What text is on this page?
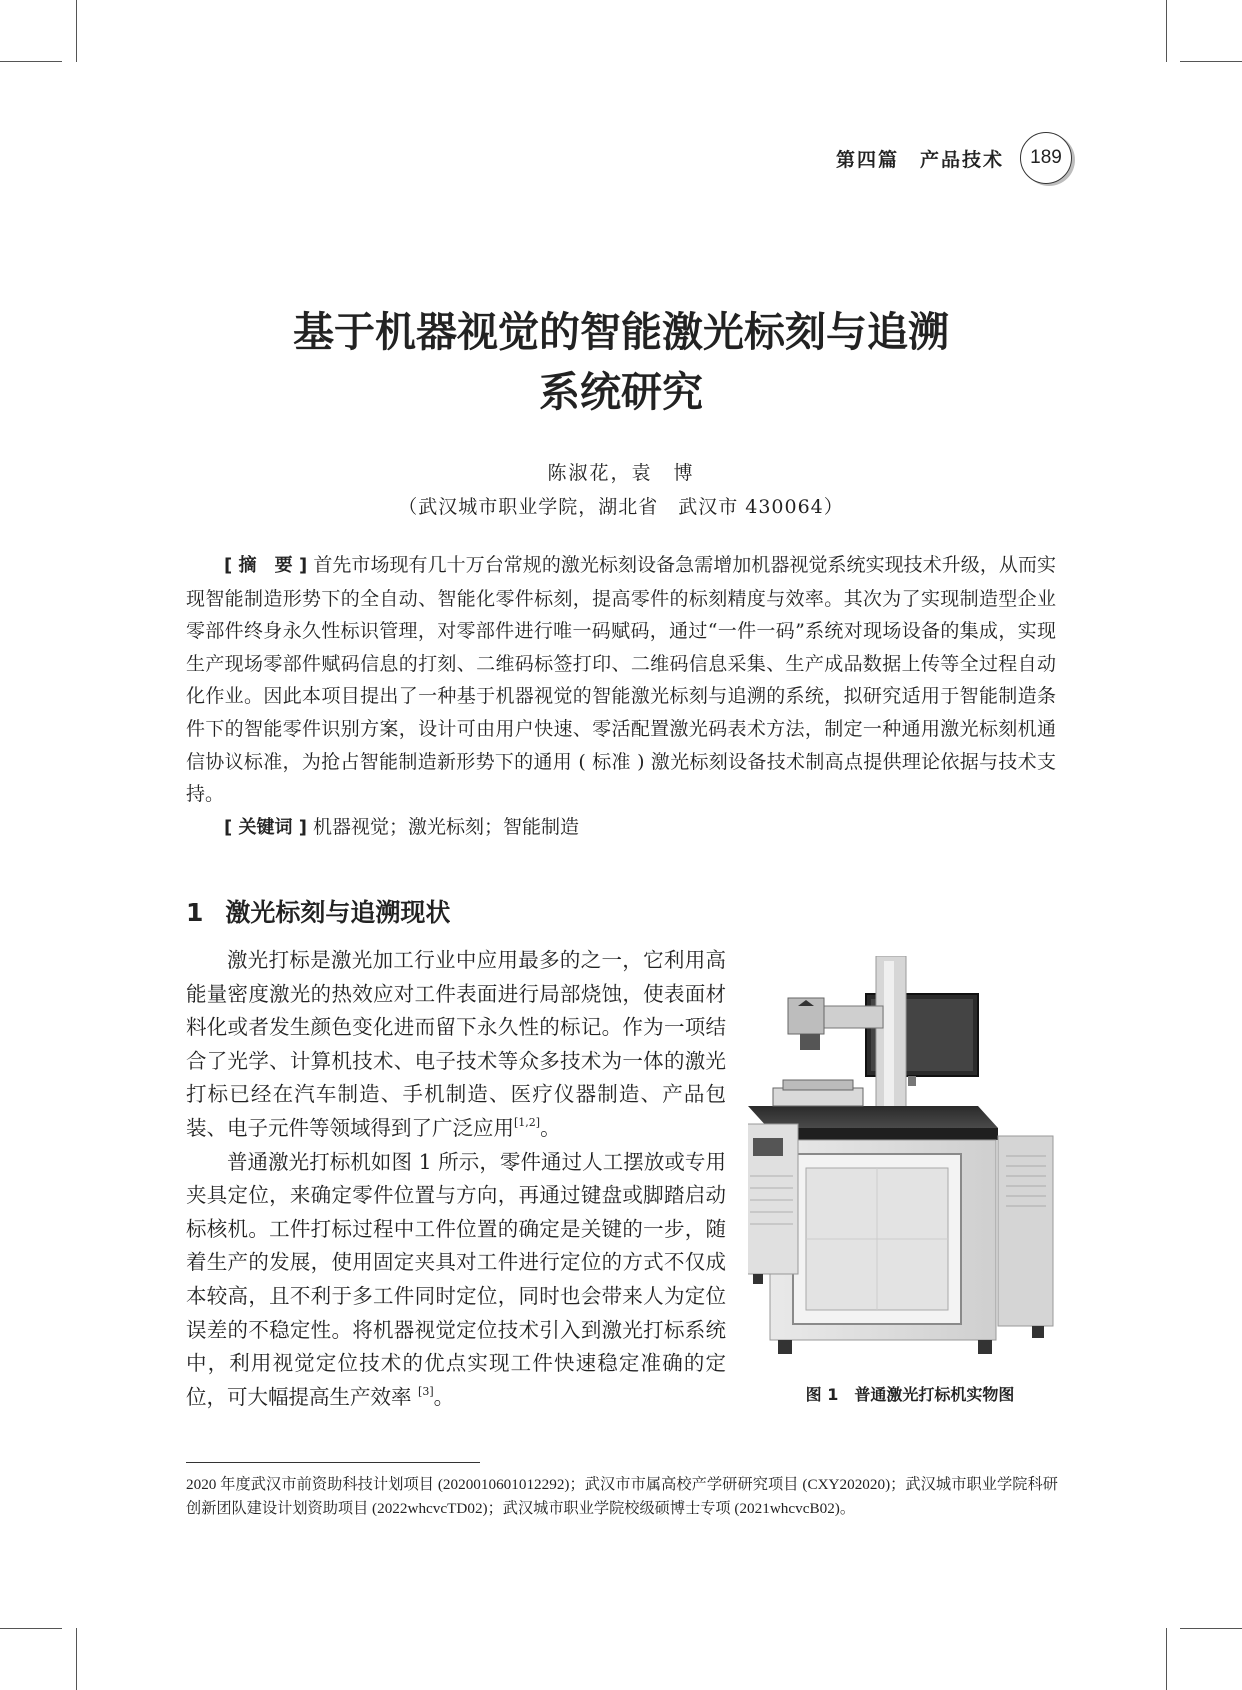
第四篇　产品技术	189
基于机器视觉的智能激光标刻与追溯
系统研究
陈淑花，袁　博
（武汉城市职业学院，湖北省　武汉市 430064）

[ 摘　要 ] 首先市场现有几十万台常规的激光标刻设备急需增加机器视觉系统实现技术升级，从而实现智能制造形势下的全自动、智能化零件标刻，提高零件的标刻精度与效率。其次为了实现制造型企业零部件终身永久性标识管理，对零部件进行唯一码赋码，通过“一件一码”系统对现场设备的集成，实现生产现场零部件赋码信息的打刻、二维码标签打印、二维码信息采集、生产成品数据上传等全过程自动化作业。因此本项目提出了一种基于机器视觉的智能激光标刻与追溯的系统，拟研究适用于智能制造条件下的智能零件识别方案，设计可由用户快速、零活配置激光码表术方法，制定一种通用激光标刻机通信协议标准，为抢占智能制造新形势下的通用 ( 标准 ) 激光标刻设备技术制高点提供理论依据与技术支持。

[ 关键词 ] 机器视觉；激光标刻；智能制造

1 激光标刻与追溯现状

激光打标是激光加工行业中应用最多的之一，它利用高能量密度激光的热效应对工件表面进行局部烧蚀，使表面材料化或者发生颜色变化进而留下永久性的标记。作为一项结合了光学、计算机技术、电子技术等众多技术为一体的激光打标已经在汽车制造、手机制造、医疗仪器制造、产品包装、电子元件等领域得到了广泛应用[1,2]。

普通激光打标机如图 1 所示，零件通过人工摆放或专用夹具定位，来确定零件位置与方向，再通过键盘或脚踏启动标核机。工件打标过程中工件位置的确定是关键的一步，随着生产的发展，使用固定夹具对工件进行定位的方式不仅成本较高，且不利于多工件同时定位，同时也会带来人为定位误差的不稳定性。将机器视觉定位技术引入到激光打标系统中，利用视觉定位技术的优点实现工件快速稳定准确的定位，可大幅提高生产效率 [3]。	图 1 普通激光打标机实物图
2020 年度武汉市前资助科技计划项目 (2020010601012292)；武汉市市属高校产学研研究项目 (CXY202020)；武汉城市职业学院科研创新团队建设计划资助项目 (2022whcvcTD02)；武汉城市职业学院校级硕博士专项 (2021whcvcB02)。
